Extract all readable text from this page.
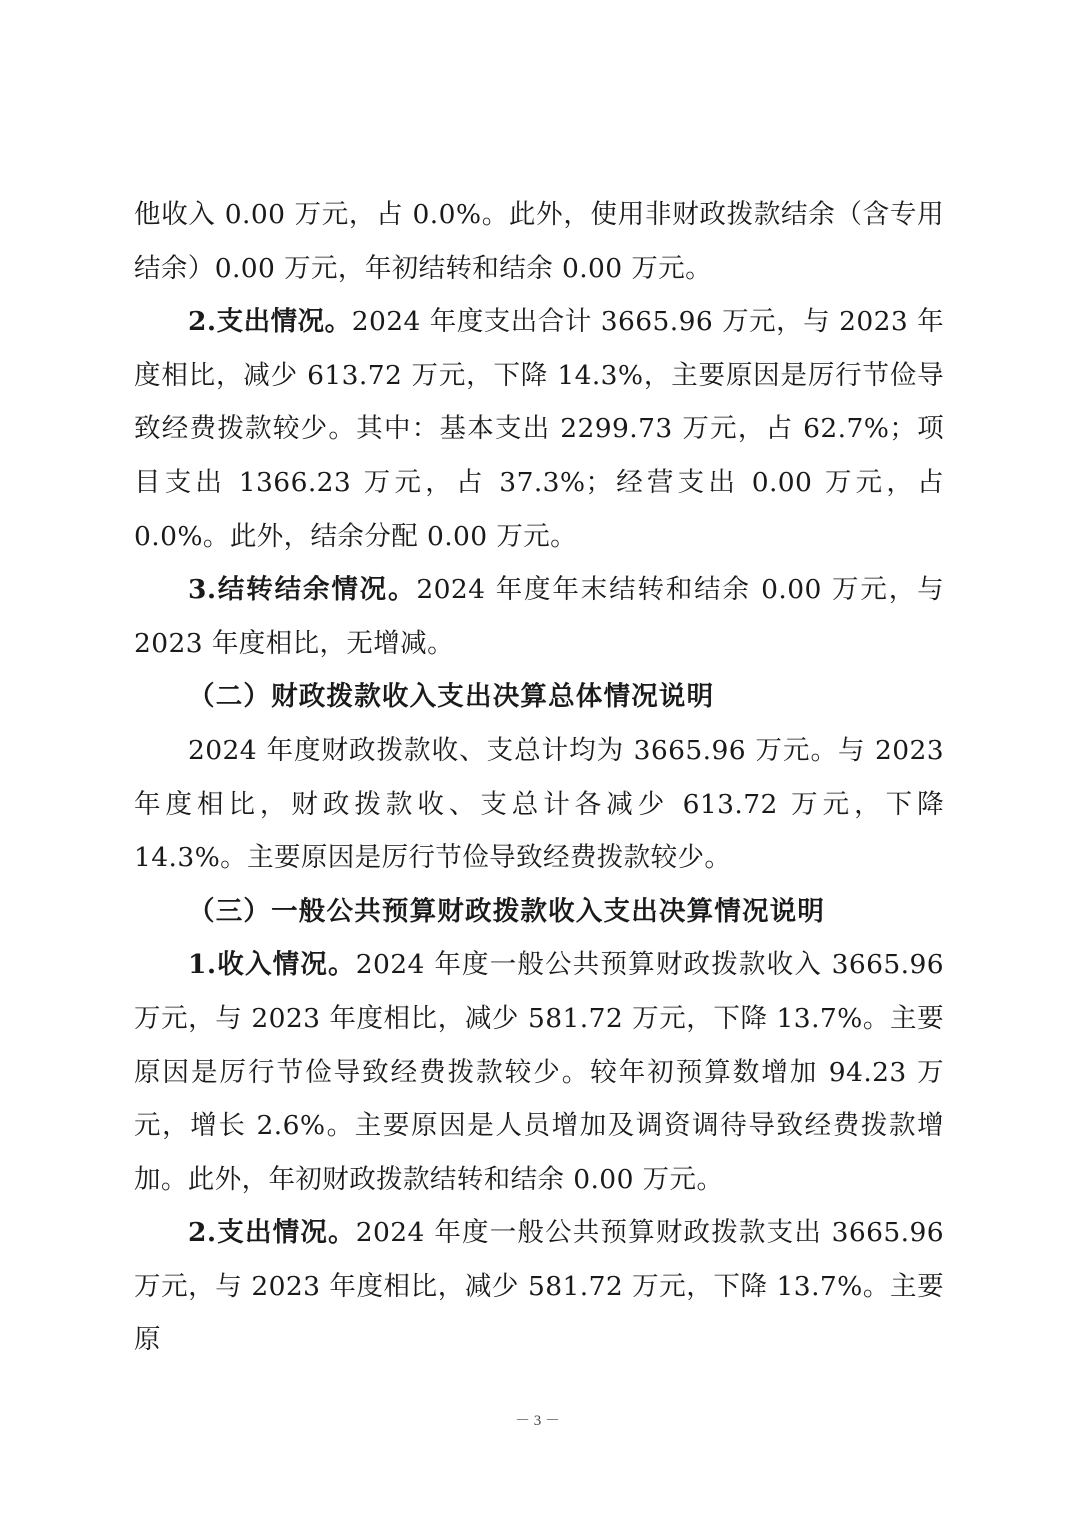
他收入 0.00 万元，占 0.0%。此外，使用非财政拨款结余（含专用结余）0.00 万元，年初结转和结余 0.00 万元。

2.支出情况。2024 年度支出合计 3665.96 万元，与 2023 年度相比，减少 613.72 万元，下降 14.3%，主要原因是厉行节俭导致经费拨款较少。其中：基本支出 2299.73 万元，占 62.7%；项目支出 1366.23 万元，占 37.3%；经营支出 0.00 万元，占 0.0%。此外，结余分配 0.00 万元。

3.结转结余情况。2024 年度年末结转和结余 0.00 万元，与 2023 年度相比，无增减。

（二）财政拨款收入支出决算总体情况说明

2024 年度财政拨款收、支总计均为 3665.96 万元。与 2023 年度相比，财政拨款收、支总计各减少 613.72 万元，下降 14.3%。主要原因是厉行节俭导致经费拨款较少。

（三）一般公共预算财政拨款收入支出决算情况说明

1.收入情况。2024 年度一般公共预算财政拨款收入 3665.96 万元，与 2023 年度相比，减少 581.72 万元，下降 13.7%。主要原因是厉行节俭导致经费拨款较少。较年初预算数增加 94.23 万元，增长 2.6%。主要原因是人员增加及调资调待导致经费拨款增加。此外，年初财政拨款结转和结余 0.00 万元。

2.支出情况。2024 年度一般公共预算财政拨款支出 3665.96 万元，与 2023 年度相比，减少 581.72 万元，下降 13.7%。主要原

－ 3 －
